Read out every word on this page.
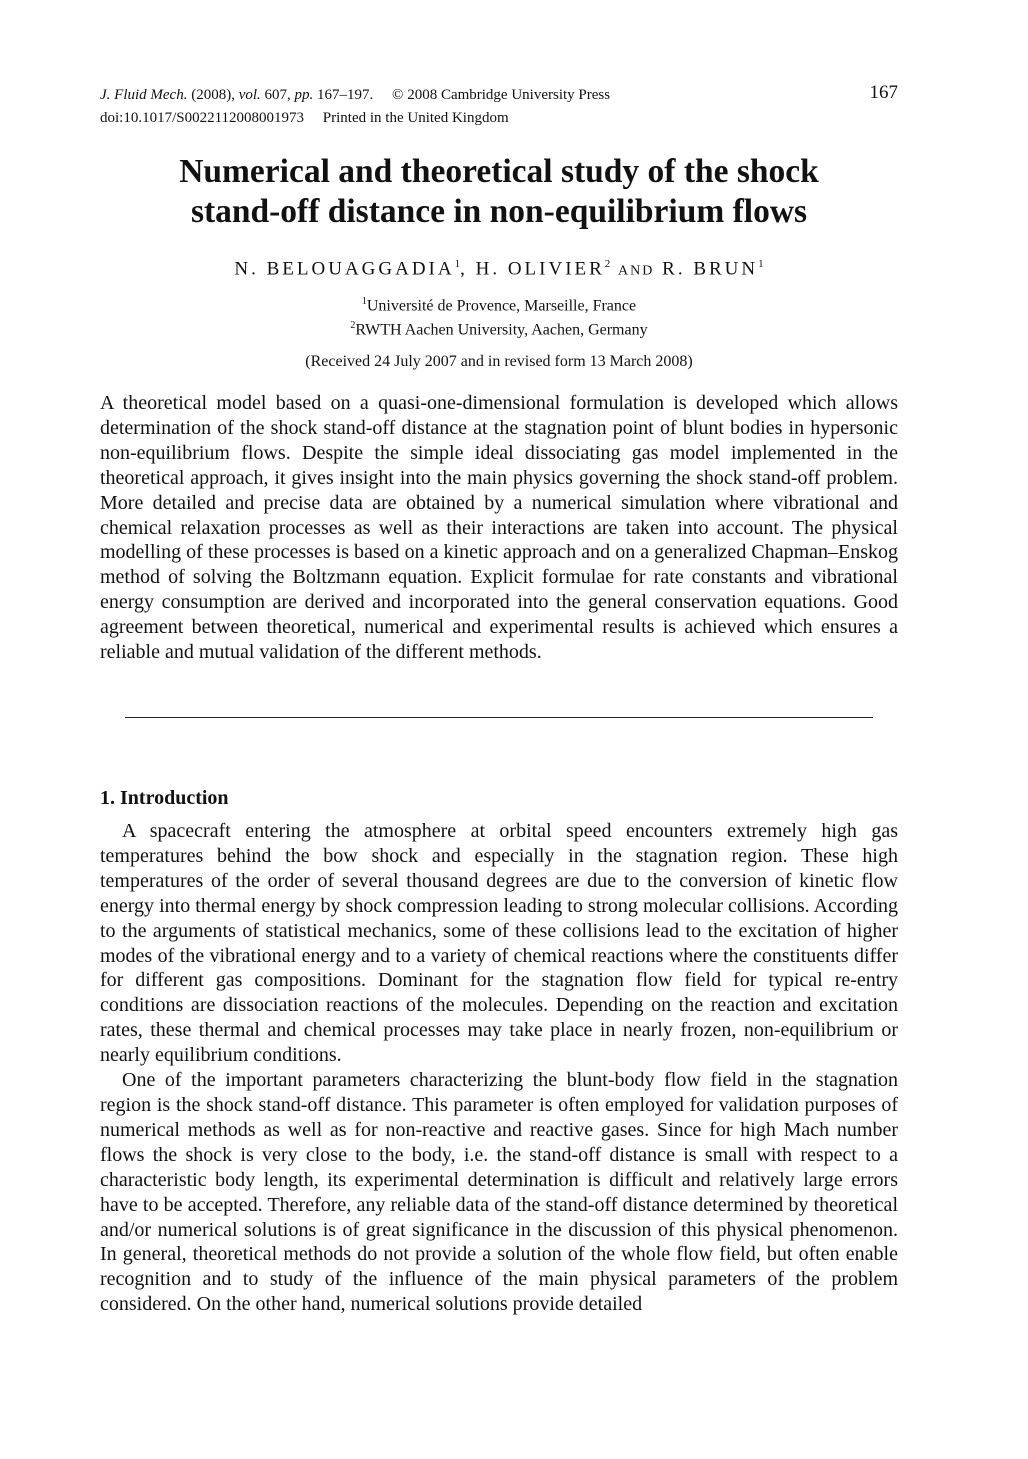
J. Fluid Mech. (2008), vol. 607, pp. 167–197. © 2008 Cambridge University Press
doi:10.1017/S0022112008001973 Printed in the United Kingdom
167
Numerical and theoretical study of the shock
stand-off distance in non-equilibrium flows
N. BELOUAGGADIA$^1$, H. OLIVIER$^2$ AND R. BRUN$^1$
$^1$Université de Provence, Marseille, France
$^2$RWTH Aachen University, Aachen, Germany
(Received 24 July 2007 and in revised form 13 March 2008)

A theoretical model based on a quasi-one-dimensional formulation is developed which allows determination of the shock stand-off distance at the stagnation point of blunt bodies in hypersonic non-equilibrium flows. Despite the simple ideal dissociating gas model implemented in the theoretical approach, it gives insight into the main physics governing the shock stand-off problem. More detailed and precise data are obtained by a numerical simulation where vibrational and chemical relaxation processes as well as their interactions are taken into account. The physical modelling of these processes is based on a kinetic approach and on a generalized Chapman–Enskog method of solving the Boltzmann equation. Explicit formulae for rate constants and vibrational energy consumption are derived and incorporated into the general conservation equations. Good agreement between theoretical, numerical and experimental results is achieved which ensures a reliable and mutual validation of the different methods.

1. Introduction

A spacecraft entering the atmosphere at orbital speed encounters extremely high gas temperatures behind the bow shock and especially in the stagnation region. These high temperatures of the order of several thousand degrees are due to the conversion of kinetic flow energy into thermal energy by shock compression leading to strong molecular collisions. According to the arguments of statistical mechanics, some of these collisions lead to the excitation of higher modes of the vibrational energy and to a variety of chemical reactions where the constituents differ for different gas compositions. Dominant for the stagnation flow field for typical re-entry conditions are dissociation reactions of the molecules. Depending on the reaction and excitation rates, these thermal and chemical processes may take place in nearly frozen, non-equilibrium or nearly equilibrium conditions.

One of the important parameters characterizing the blunt-body flow field in the stagnation region is the shock stand-off distance. This parameter is often employed for validation purposes of numerical methods as well as for non-reactive and reactive gases. Since for high Mach number flows the shock is very close to the body, i.e. the stand-off distance is small with respect to a characteristic body length, its experimental determination is difficult and relatively large errors have to be accepted. Therefore, any reliable data of the stand-off distance determined by theoretical and/or numerical solutions is of great significance in the discussion of this physical phenomenon. In general, theoretical methods do not provide a solution of the whole flow field, but often enable recognition and to study of the influence of the main physical parameters of the problem considered. On the other hand, numerical solutions provide detailed
